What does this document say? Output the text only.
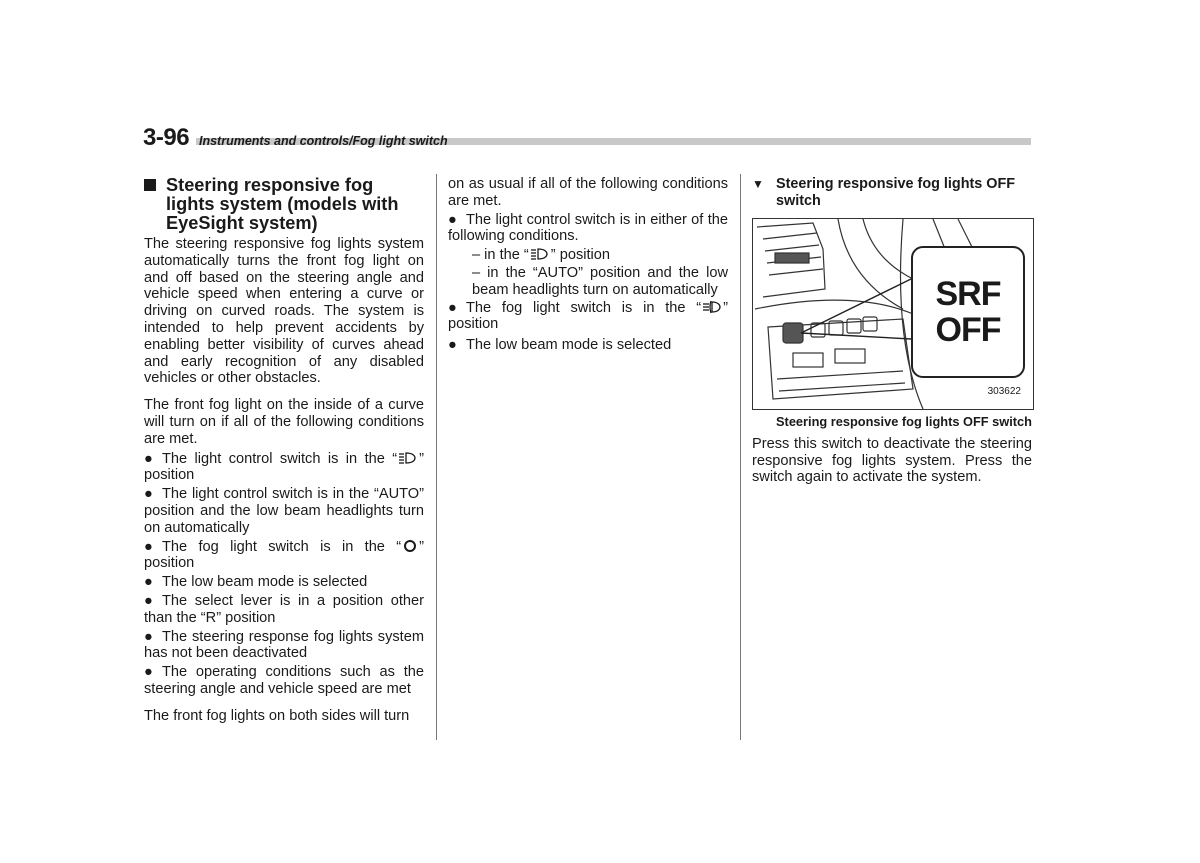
3-96 Instruments and controls/Fog light switch
Steering responsive fog lights system (models with EyeSight system)

The steering responsive fog lights system automatically turns the front fog light on and off based on the steering angle and vehicle speed when entering a curve or driving on curved roads. The system is intended to help prevent accidents by enabling better visibility of curves ahead and early recognition of any disabled vehicles or other obstacles.

The front fog light on the inside of a curve will turn on if all of the following conditions are met.

● The light control switch is in the “ ” position
● The light control switch is in the “AUTO” position and the low beam headlights turn on automatically
● The fog light switch is in the “ ” position
● The low beam mode is selected
● The select lever is in a position other than the “R” position
● The steering response fog lights system has not been deactivated
● The operating conditions such as the steering angle and vehicle speed are met

The front fog lights on both sides will turn

on as usual if all of the following conditions are met.

● The light control switch is in either of the following conditions.
– in the “ ” position
– in the “AUTO” position and the low beam headlights turn on automatically
● The fog light switch is in the “ ” position
● The low beam mode is selected
▼ Steering responsive fog lights OFF switch
SRF
OFF
303622
Steering responsive fog lights OFF switch

Press this switch to deactivate the steering responsive fog lights system. Press the switch again to activate the system.
